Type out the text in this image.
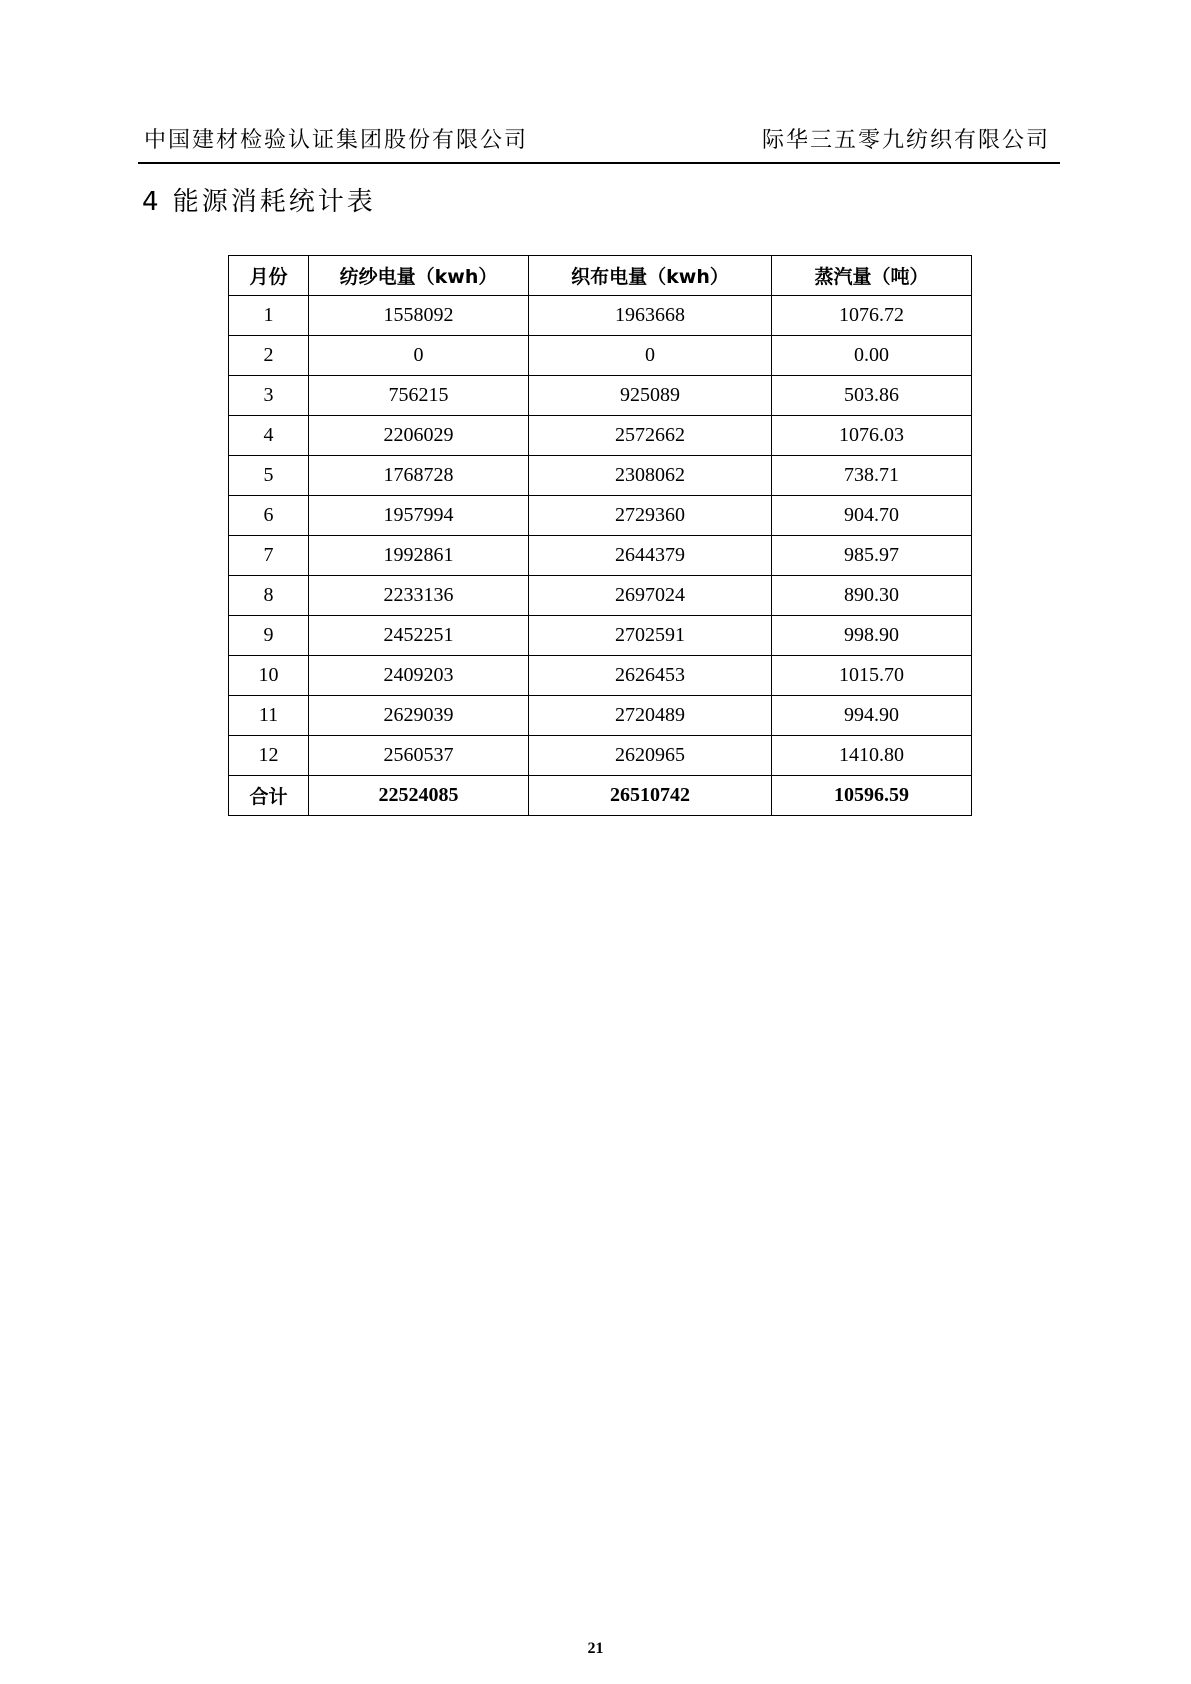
中国建材检验认证集团股份有限公司	际华三五零九纺织有限公司
4 能源消耗统计表
月份	纺纱电量（kwh）	织布电量（kwh）	蒸汽量（吨）
1	1558092	1963668	1076.72
2	0	0	0.00
3	756215	925089	503.86
4	2206029	2572662	1076.03
5	1768728	2308062	738.71
6	1957994	2729360	904.70
7	1992861	2644379	985.97
8	2233136	2697024	890.30
9	2452251	2702591	998.90
10	2409203	2626453	1015.70
11	2629039	2720489	994.90
12	2560537	2620965	1410.80
合计	22524085	26510742	10596.59
21
